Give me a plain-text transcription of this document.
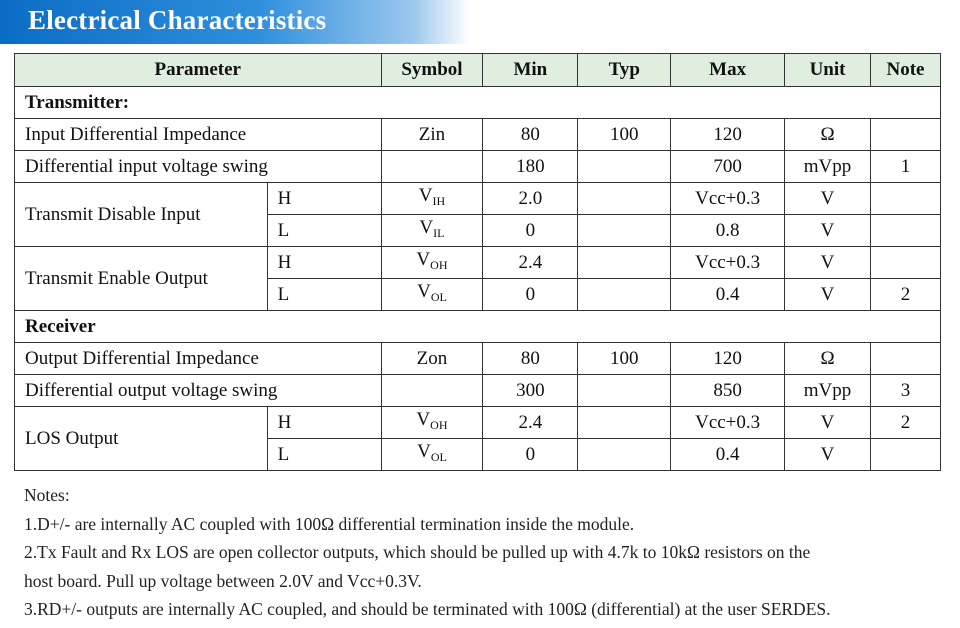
Electrical Characteristics
Parameter		Symbol	Min	Typ	Max	Unit	Note
Transmitter:							
Input Differential Impedance		Zin	80	100	120	Ω	
Differential input voltage swing			180		700	mVpp	1
Transmit Disable Input	H	$V_{IH}$	2.0		Vcc+0.3	V	
	L	$V_{IL}$	0		0.8	V	
Transmit Enable Output	H	$V_{OH}$	2.4		Vcc+0.3	V	
	L	$V_{OL}$	0		0.4	V	2
Receiver							
Output Differential Impedance		Zon	80	100	120	Ω	
Differential output voltage swing			300		850	mVpp	3
LOS Output	H	$V_{OH}$	2.4		Vcc+0.3	V	2
	L	$V_{OL}$	0		0.4	V	

Notes:

1.D+/- are internally AC coupled with 100Ω differential termination inside the module.

2.Tx Fault and Rx LOS are open collector outputs, which should be pulled up with 4.7k to 10kΩ resistors on the

host board. Pull up voltage between 2.0V and Vcc+0.3V.

3.RD+/- outputs are internally AC coupled, and should be terminated with 100Ω (differential) at the user SERDES.
